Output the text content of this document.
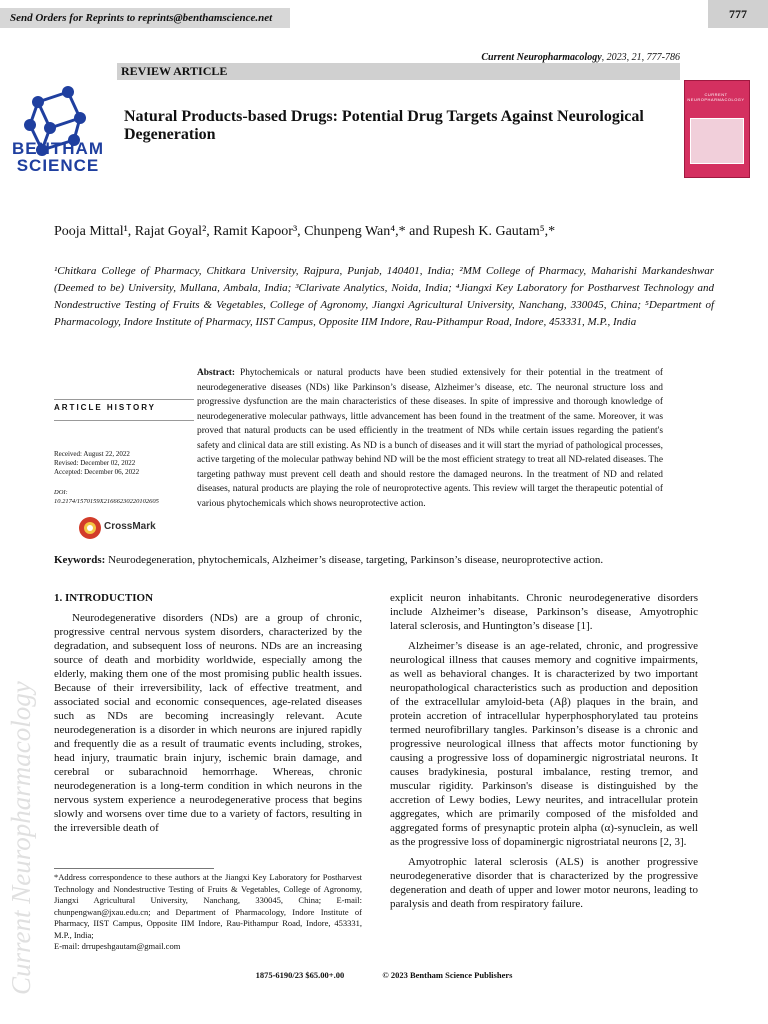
Send Orders for Reprints to reprints@benthamscience.net	777
Current Neuropharmacology, 2023, 21, 777-786
REVIEW ARTICLE
BENTHAM
SCIENCE
Natural Products-based Drugs: Potential Drug Targets Against Neurological Degeneration
CURRENT NEUROPHARMACOLOGY
Pooja Mittal¹, Rajat Goyal², Ramit Kapoor³, Chunpeng Wan⁴,* and Rupesh K. Gautam⁵,*
¹Chitkara College of Pharmacy, Chitkara University, Rajpura, Punjab, 140401, India; ²MM College of Pharmacy, Maharishi Markandeshwar (Deemed to be) University, Mullana, Ambala, India; ³Clarivate Analytics, Noida, India; ⁴Jiangxi Key Laboratory for Postharvest Technology and Nondestructive Testing of Fruits & Vegetables, College of Agronomy, Jiangxi Agricultural University, Nanchang, 330045, China; ⁵Department of Pharmacology, Indore Institute of Pharmacy, IIST Campus, Opposite IIM Indore, Rau-Pithampur Road, Indore, 453331, M.P., India
ARTICLE HISTORY
Received: August 22, 2022
Revised: December 02, 2022
Accepted: December 06, 2022
DOI:
10.2174/1570159X21666230220102605
CrossMark
Abstract: Phytochemicals or natural products have been studied extensively for their potential in the treatment of neurodegenerative diseases (NDs) like Parkinson’s disease, Alzheimer’s disease, etc. The neuronal structure loss and progressive dysfunction are the main characteristics of these diseases. In spite of impressive and thorough knowledge of neurodegenerative molecular pathways, little advancement has been found in the treatment of the same. Moreover, it was proved that natural products can be used efficiently in the treatment of NDs while certain issues regarding the patient's safety and clinical data are still existing. As ND is a bunch of diseases and it will start the myriad of pathological processes, active targeting of the molecular pathway behind ND will be the most efficient strategy to treat all ND-related diseases. The targeting pathway must prevent cell death and should restore the damaged neurons. In the treatment of ND and related diseases, natural products are playing the role of neuroprotective agents. This review will target the therapeutic potential of various phytochemicals which shows neuroprotective action.
Keywords: Neurodegeneration, phytochemicals, Alzheimer’s disease, targeting, Parkinson’s disease, neuroprotective action.
Current Neuropharmacology
1. INTRODUCTION

Neurodegenerative disorders (NDs) are a group of chronic, progressive central nervous system disorders, characterized by the degradation, and subsequent loss of neurons. NDs are an increasing source of death and morbidity worldwide, especially among the elderly, making them one of the most promising public health issues. Because of their irreversibility, lack of effective treatment, and associated social and economic consequences, age-related diseases such as NDs are becoming increasingly relevant. Acute neurodegeneration is a disorder in which neurons are injured rapidly and frequently die as a result of traumatic events including, strokes, head injury, traumatic brain injury, ischemic brain damage, and cerebral or subarachnoid hemorrhage. Whereas, chronic neurodegeneration is a long-term condition in which neurons in the nervous system experience a neurodegenerative process that begins slowly and worsens over time due to a variety of factors, resulting in the irreversible death of

explicit neuron inhabitants. Chronic neurodegenerative disorders include Alzheimer’s disease, Parkinson’s disease, Amyotrophic lateral sclerosis, and Huntington’s disease [1].

Alzheimer’s disease is an age-related, chronic, and progressive neurological illness that causes memory and cognitive impairments, as well as behavioral changes. It is characterized by two important neuropathological characteristics such as production and deposition of the extracellular amyloid-beta (Aβ) plaques in the brain, and protein accretion of intracellular hyperphosphorylated tau proteins termed neurofibrillary tangles. Parkinson’s disease is a chronic and progressive neurological illness that affects motor functioning by causing a progressive loss of dopaminergic nigrostriatal neurons. It causes bradykinesia, postural imbalance, resting tremor, and muscular rigidity. Parkinson's disease is distinguished by the accretion of Lewy bodies, Lewy neurites, and intracellular protein aggregates, which are primarily composed of the misfolded and aggregated forms of presynaptic protein alpha (α)-synuclein, as well as the progressive loss of dopaminergic nigrostriatal neurons [2, 3].

Amyotrophic lateral sclerosis (ALS) is another progressive neurodegenerative disorder that is characterized by the progressive degeneration and death of upper and lower motor neurons, leading to paralysis and death from respiratory failure.

*Address correspondence to these authors at the Jiangxi Key Laboratory for Postharvest Technology and Nondestructive Testing of Fruits & Vegetables, College of Agronomy, Jiangxi Agricultural University, Nanchang, 330045, China; E-mail: chunpengwan@jxau.edu.cn; and Department of Pharmacology, Indore Institute of Pharmacy, IIST Campus, Opposite IIM Indore, Rau-Pithampur Road, Indore, 453331, M.P., India;
E-mail: drrupeshgautam@gmail.com
1875-6190/23 $65.00+.00	© 2023 Bentham Science Publishers
